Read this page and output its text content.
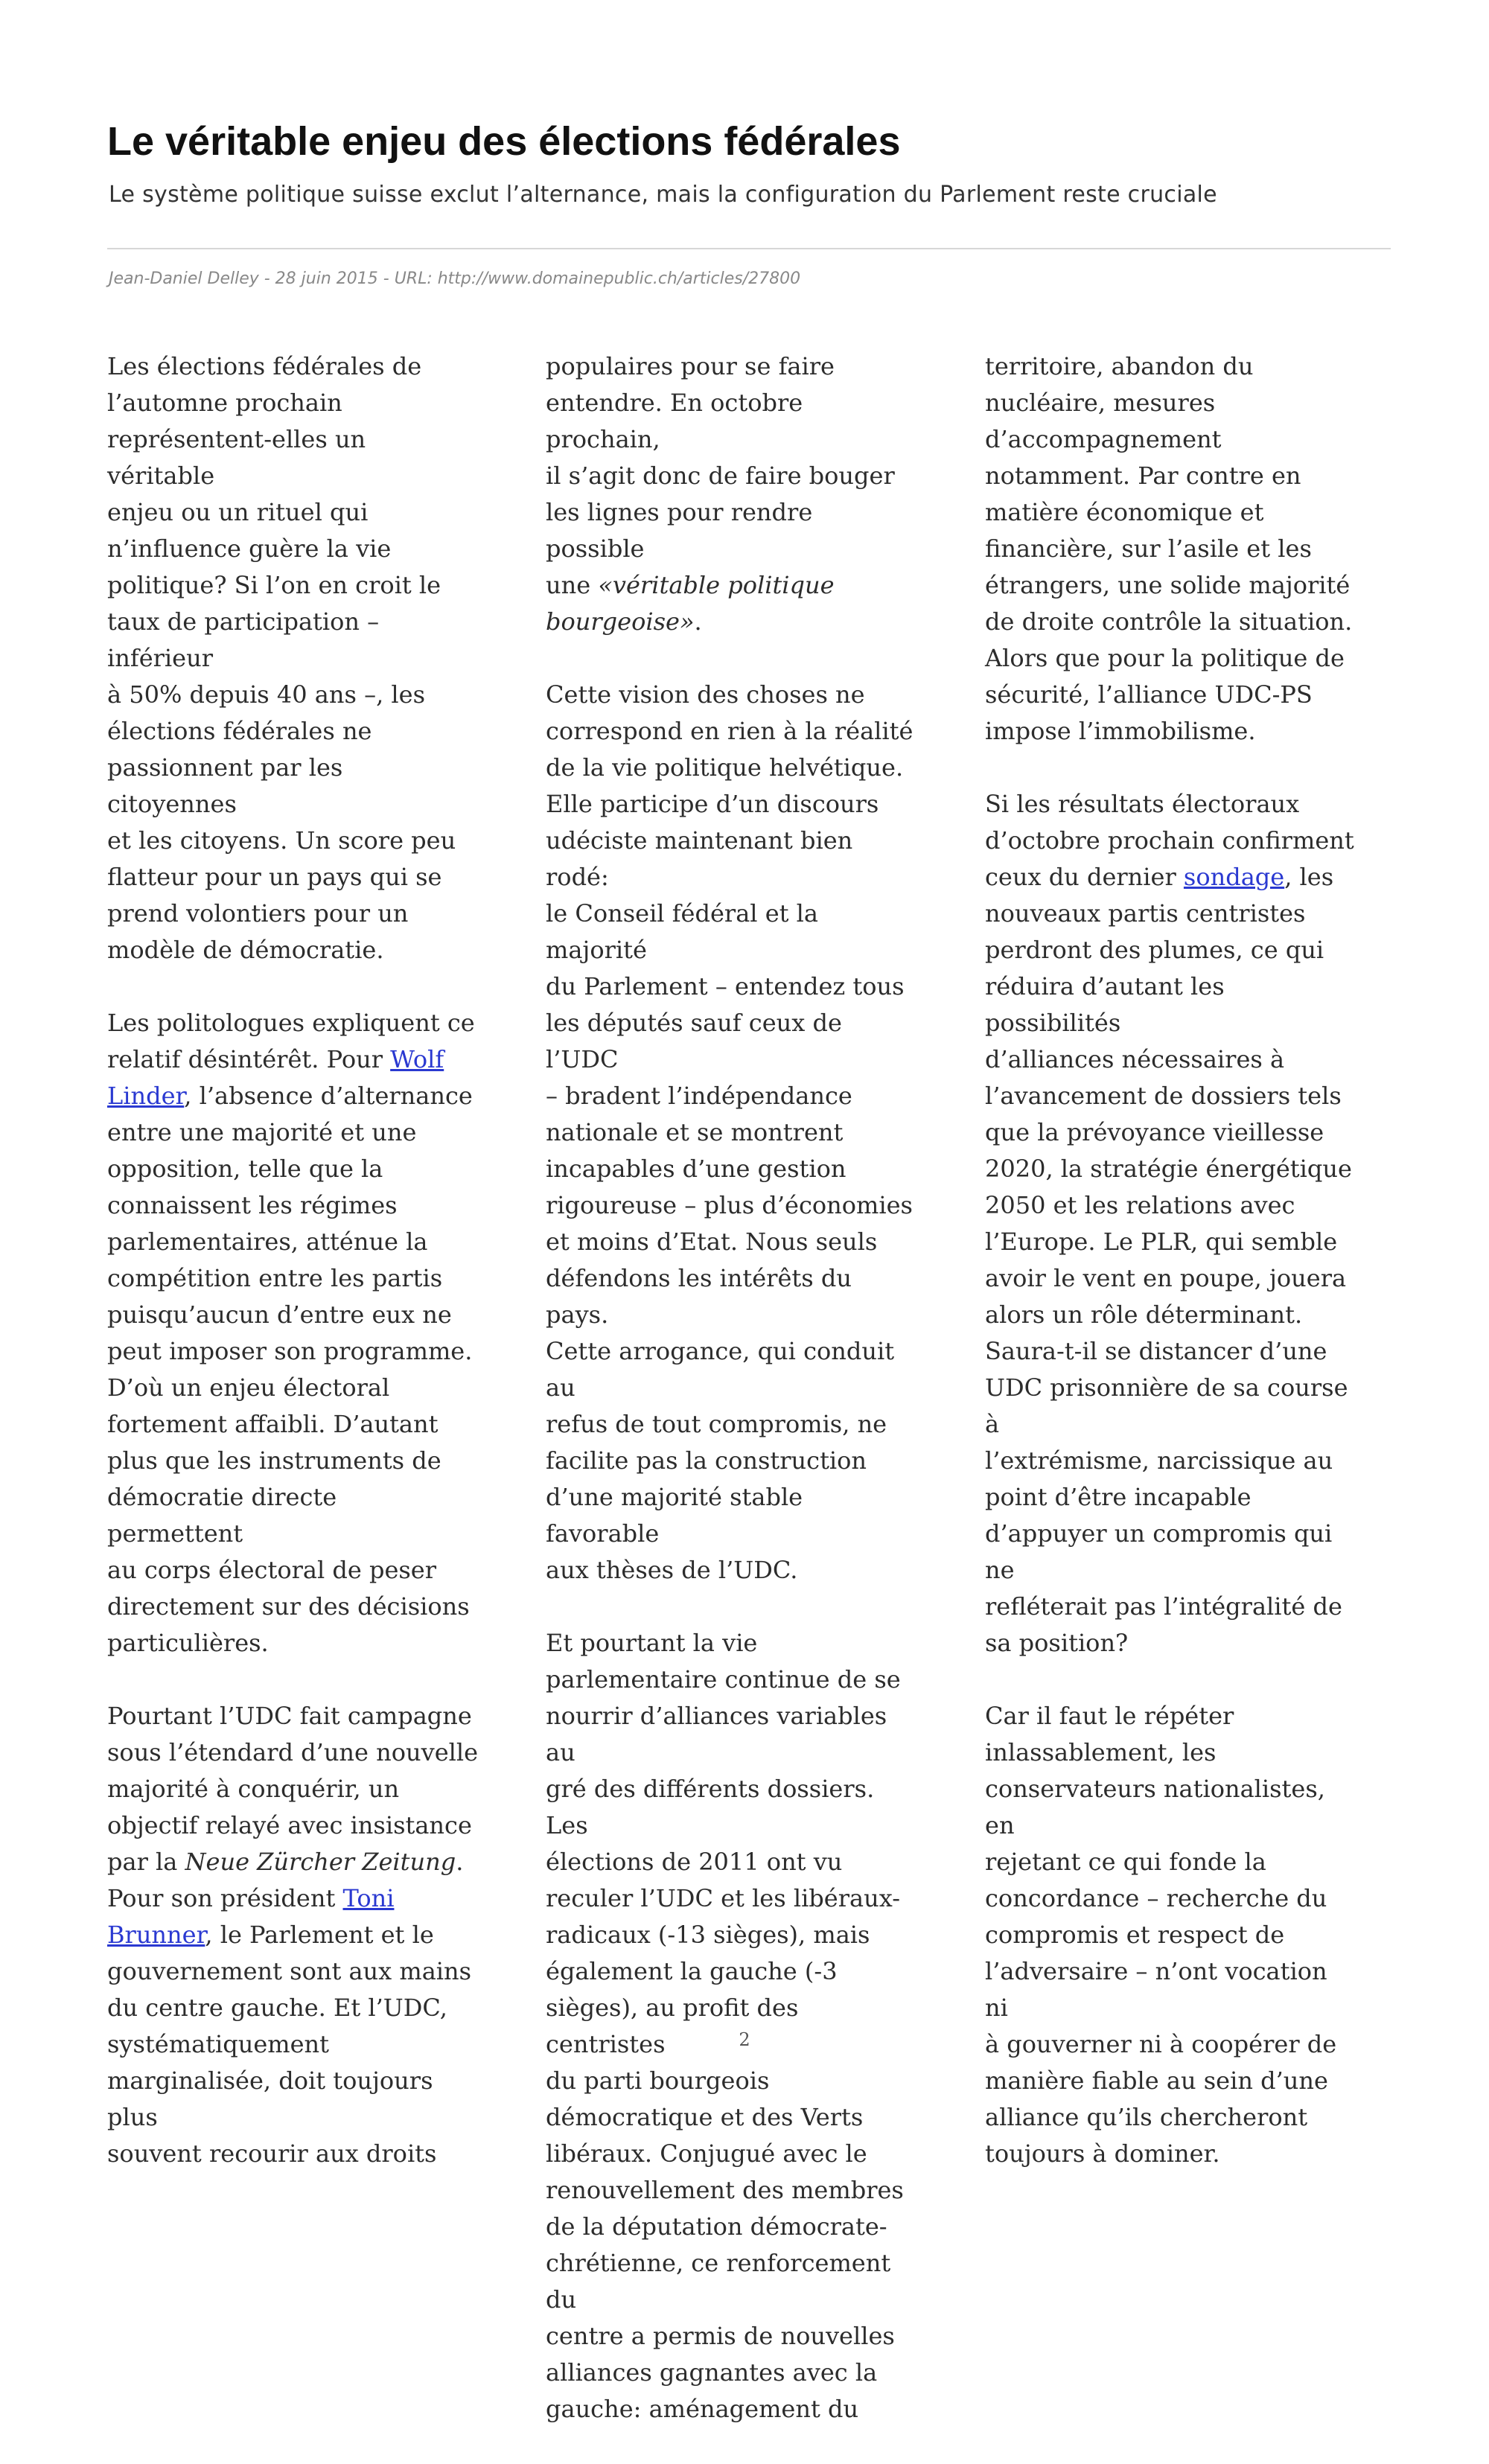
Le véritable enjeu des élections fédérales
Le système politique suisse exclut l’alternance, mais la configuration du Parlement reste cruciale
Jean-Daniel Delley - 28 juin 2015 - URL: http://www.domainepublic.ch/articles/27800

Les élections fédérales de
l’automne prochain
représentent-elles un véritable
enjeu ou un rituel qui
n’influence guère la vie
politique? Si l’on en croit le
taux de participation – inférieur
à 50% depuis 40 ans –, les
élections fédérales ne
passionnent par les citoyennes
et les citoyens. Un score peu
flatteur pour un pays qui se
prend volontiers pour un
modèle de démocratie.

Les politologues expliquent ce
relatif désintérêt. Pour Wolf
Linder, l’absence d’alternance
entre une majorité et une
opposition, telle que la
connaissent les régimes
parlementaires, atténue la
compétition entre les partis
puisqu’aucun d’entre eux ne
peut imposer son programme.
D’où un enjeu électoral
fortement affaibli. D’autant
plus que les instruments de
démocratie directe permettent
au corps électoral de peser
directement sur des décisions
particulières.

Pourtant l’UDC fait campagne
sous l’étendard d’une nouvelle
majorité à conquérir, un
objectif relayé avec insistance
par la Neue Zürcher Zeitung.
Pour son président Toni
Brunner, le Parlement et le
gouvernement sont aux mains
du centre gauche. Et l’UDC,
systématiquement
marginalisée, doit toujours plus
souvent recourir aux droits

populaires pour se faire
entendre. En octobre prochain,
il s’agit donc de faire bouger
les lignes pour rendre possible
une «véritable politique
bourgeoise».

Cette vision des choses ne
correspond en rien à la réalité
de la vie politique helvétique.
Elle participe d’un discours
udéciste maintenant bien rodé:
le Conseil fédéral et la majorité
du Parlement – entendez tous
les députés sauf ceux de l’UDC
– bradent l’indépendance
nationale et se montrent
incapables d’une gestion
rigoureuse – plus d’économies
et moins d’Etat. Nous seuls
défendons les intérêts du pays.
Cette arrogance, qui conduit au
refus de tout compromis, ne
facilite pas la construction
d’une majorité stable favorable
aux thèses de l’UDC.

Et pourtant la vie
parlementaire continue de se
nourrir d’alliances variables au
gré des différents dossiers. Les
élections de 2011 ont vu
reculer l’UDC et les libéraux-
radicaux (-13 sièges), mais
également la gauche (-3
sièges), au profit des centristes
du parti bourgeois
démocratique et des Verts
libéraux. Conjugué avec le
renouvellement des membres
de la députation démocrate-
chrétienne, ce renforcement du
centre a permis de nouvelles
alliances gagnantes avec la
gauche: aménagement du

territoire, abandon du
nucléaire, mesures
d’accompagnement
notamment. Par contre en
matière économique et
financière, sur l’asile et les
étrangers, une solide majorité
de droite contrôle la situation.
Alors que pour la politique de
sécurité, l’alliance UDC-PS
impose l’immobilisme.

Si les résultats électoraux
d’octobre prochain confirment
ceux du dernier sondage, les
nouveaux partis centristes
perdront des plumes, ce qui
réduira d’autant les possibilités
d’alliances nécessaires à
l’avancement de dossiers tels
que la prévoyance vieillesse
2020, la stratégie énergétique
2050 et les relations avec
l’Europe. Le PLR, qui semble
avoir le vent en poupe, jouera
alors un rôle déterminant.
Saura-t-il se distancer d’une
UDC prisonnière de sa course à
l’extrémisme, narcissique au
point d’être incapable
d’appuyer un compromis qui ne
refléterait pas l’intégralité de
sa position?

Car il faut le répéter
inlassablement, les
conservateurs nationalistes, en
rejetant ce qui fonde la
concordance – recherche du
compromis et respect de
l’adversaire – n’ont vocation ni
à gouverner ni à coopérer de
manière fiable au sein d’une
alliance qu’ils chercheront
toujours à dominer.

2
